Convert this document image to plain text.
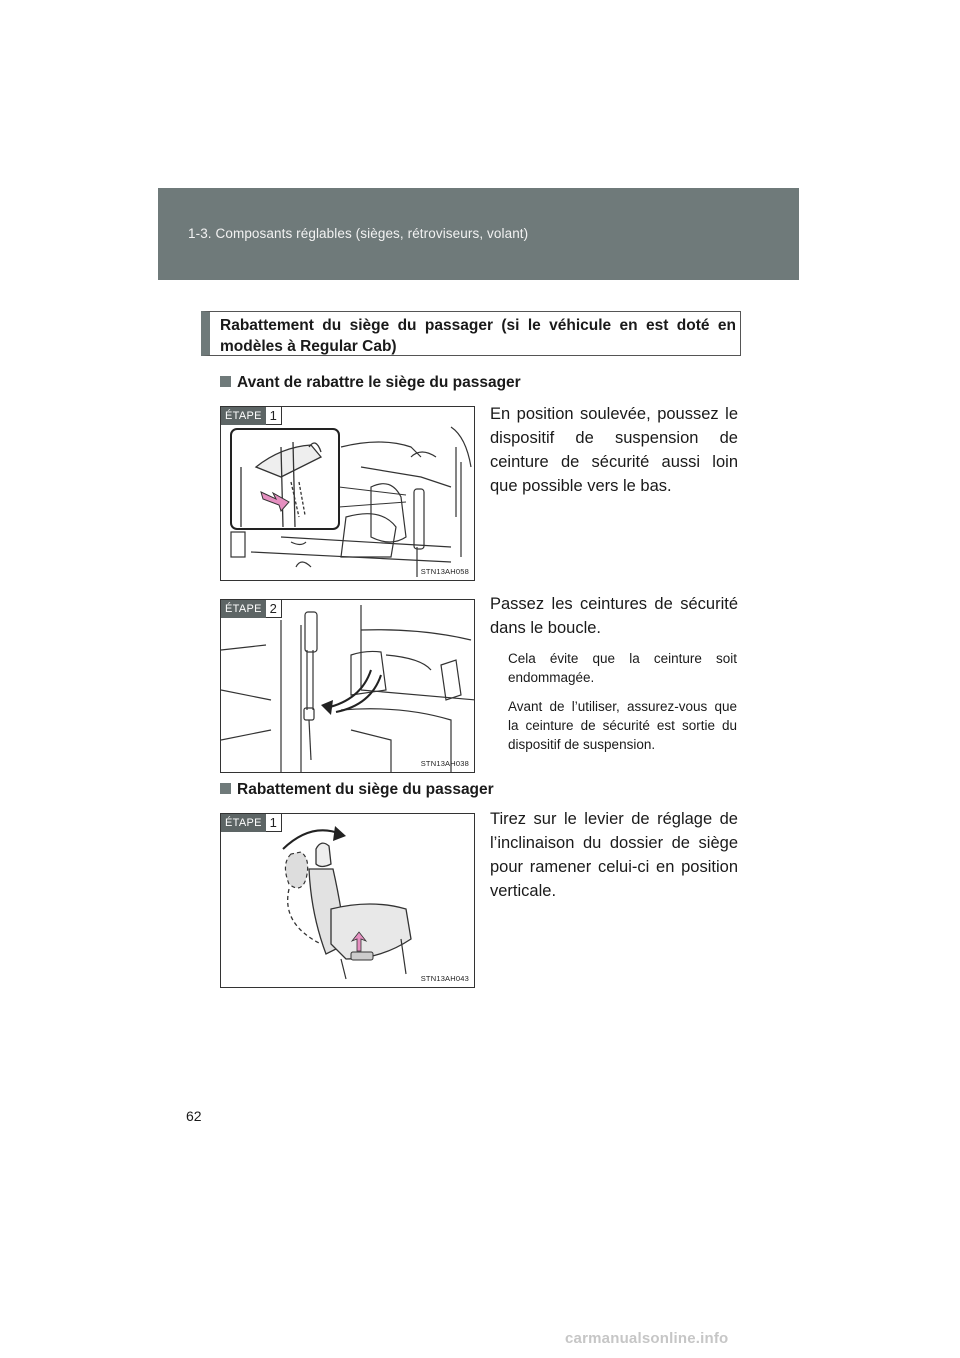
1-3. Composants réglables (sièges, rétroviseurs, volant)
Rabattement du siège du passager (si le véhicule en est doté en modèles à Regular Cab)
Avant de rabattre le siège du passager
ÉTAPE 1
STN13AH058
En position soulevée, poussez le dispositif de suspension de ceinture de sécurité aussi loin que possible vers le bas.
ÉTAPE 2
STN13AH038
Passez les ceintures de sécurité dans le boucle.
Cela évite que la ceinture soit endommagée.
Avant de l’utiliser, assurez-vous que la ceinture de sécurité est sortie du dispositif de suspension.
Rabattement du siège du passager
ÉTAPE 1
STN13AH043
Tirez sur le levier de réglage de l’inclinaison du dossier de siège pour ramener celui-ci en position verticale.
62
carmanualsonline.info
